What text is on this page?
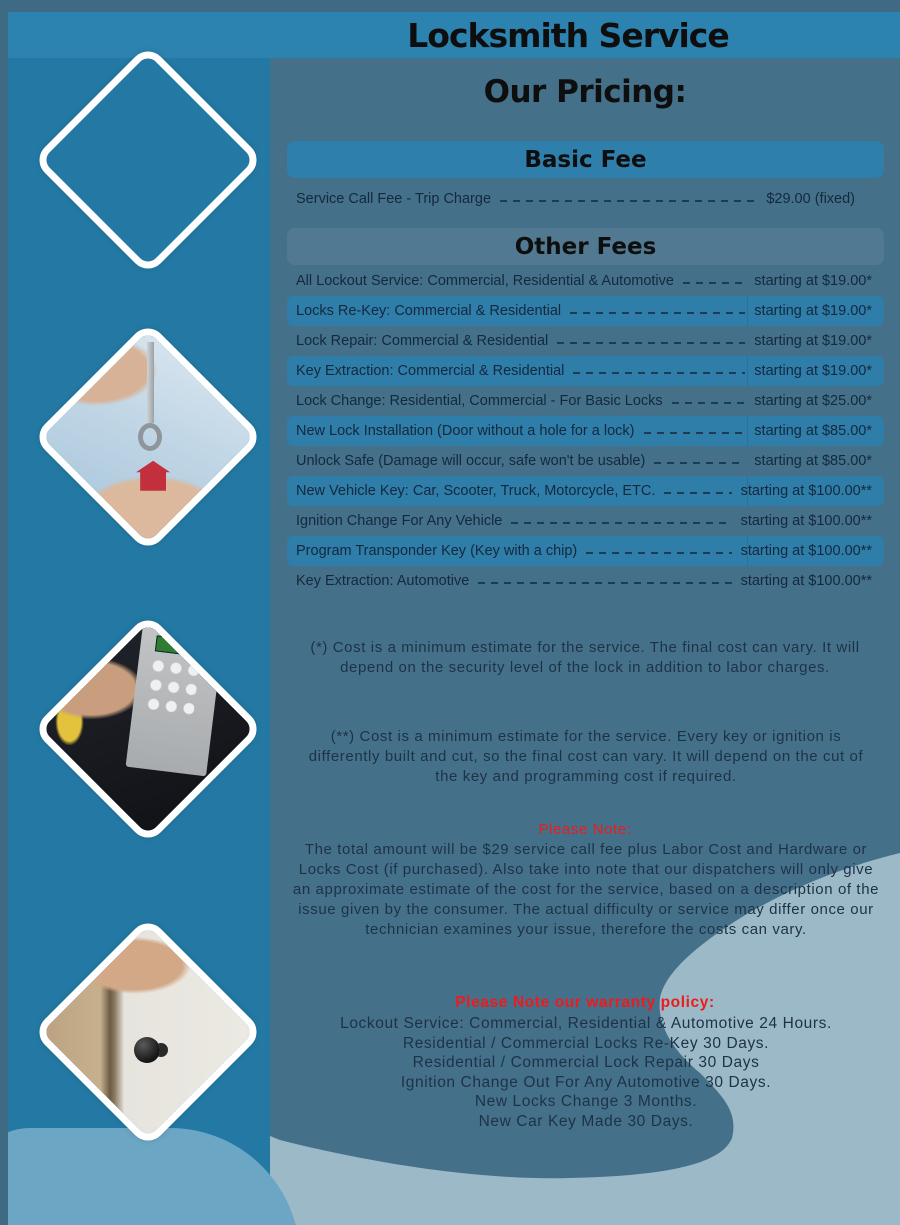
Locksmith Service
Our Pricing:
Basic Fee
Service Call Fee - Trip Charge	$29.00 (fixed)
Other Fees
All Lockout Service: Commercial, Residential & Automotive	starting at $19.00*
Locks Re-Key: Commercial & Residential	starting at $19.00*
Lock Repair: Commercial & Residential	starting at $19.00*
Key Extraction: Commercial & Residential	starting at $19.00*
Lock Change: Residential, Commercial - For Basic Locks	starting at $25.00*
New Lock Installation (Door without a hole for a lock)	starting at $85.00*
Unlock Safe (Damage will occur, safe won't be usable)	starting at $85.00*
New Vehicle Key: Car, Scooter, Truck, Motorcycle, ETC.	starting at $100.00**
Ignition Change For Any Vehicle	starting at $100.00**
Program Transponder Key (Key with a chip)	starting at $100.00**
Key Extraction: Automotive	starting at $100.00**
(*) Cost is a minimum estimate for the service. The final cost can vary. It will depend on the security level of the lock in addition to labor charges.
(**) Cost is a minimum estimate for the service. Every key or ignition is differently built and cut, so the final cost can vary. It will depend on the cut of the key and programming cost if required.
Please Note:
The total amount will be $29 service call fee plus Labor Cost and Hardware or Locks Cost (if purchased). Also take into note that our dispatchers will only give an approximate estimate of the cost for the service, based on a description of the issue given by the consumer. The actual difficulty or service may differ once our technician examines your issue, therefore the costs can vary.
Please Note our warranty policy:
Lockout Service: Commercial, Residential & Automotive 24 Hours.
Residential / Commercial Locks Re-Key 30 Days.
Residential / Commercial Lock Repair 30 Days
Ignition Change Out For Any Automotive 30 Days.
New Locks Change 3 Months.
New Car Key Made 30 Days.
